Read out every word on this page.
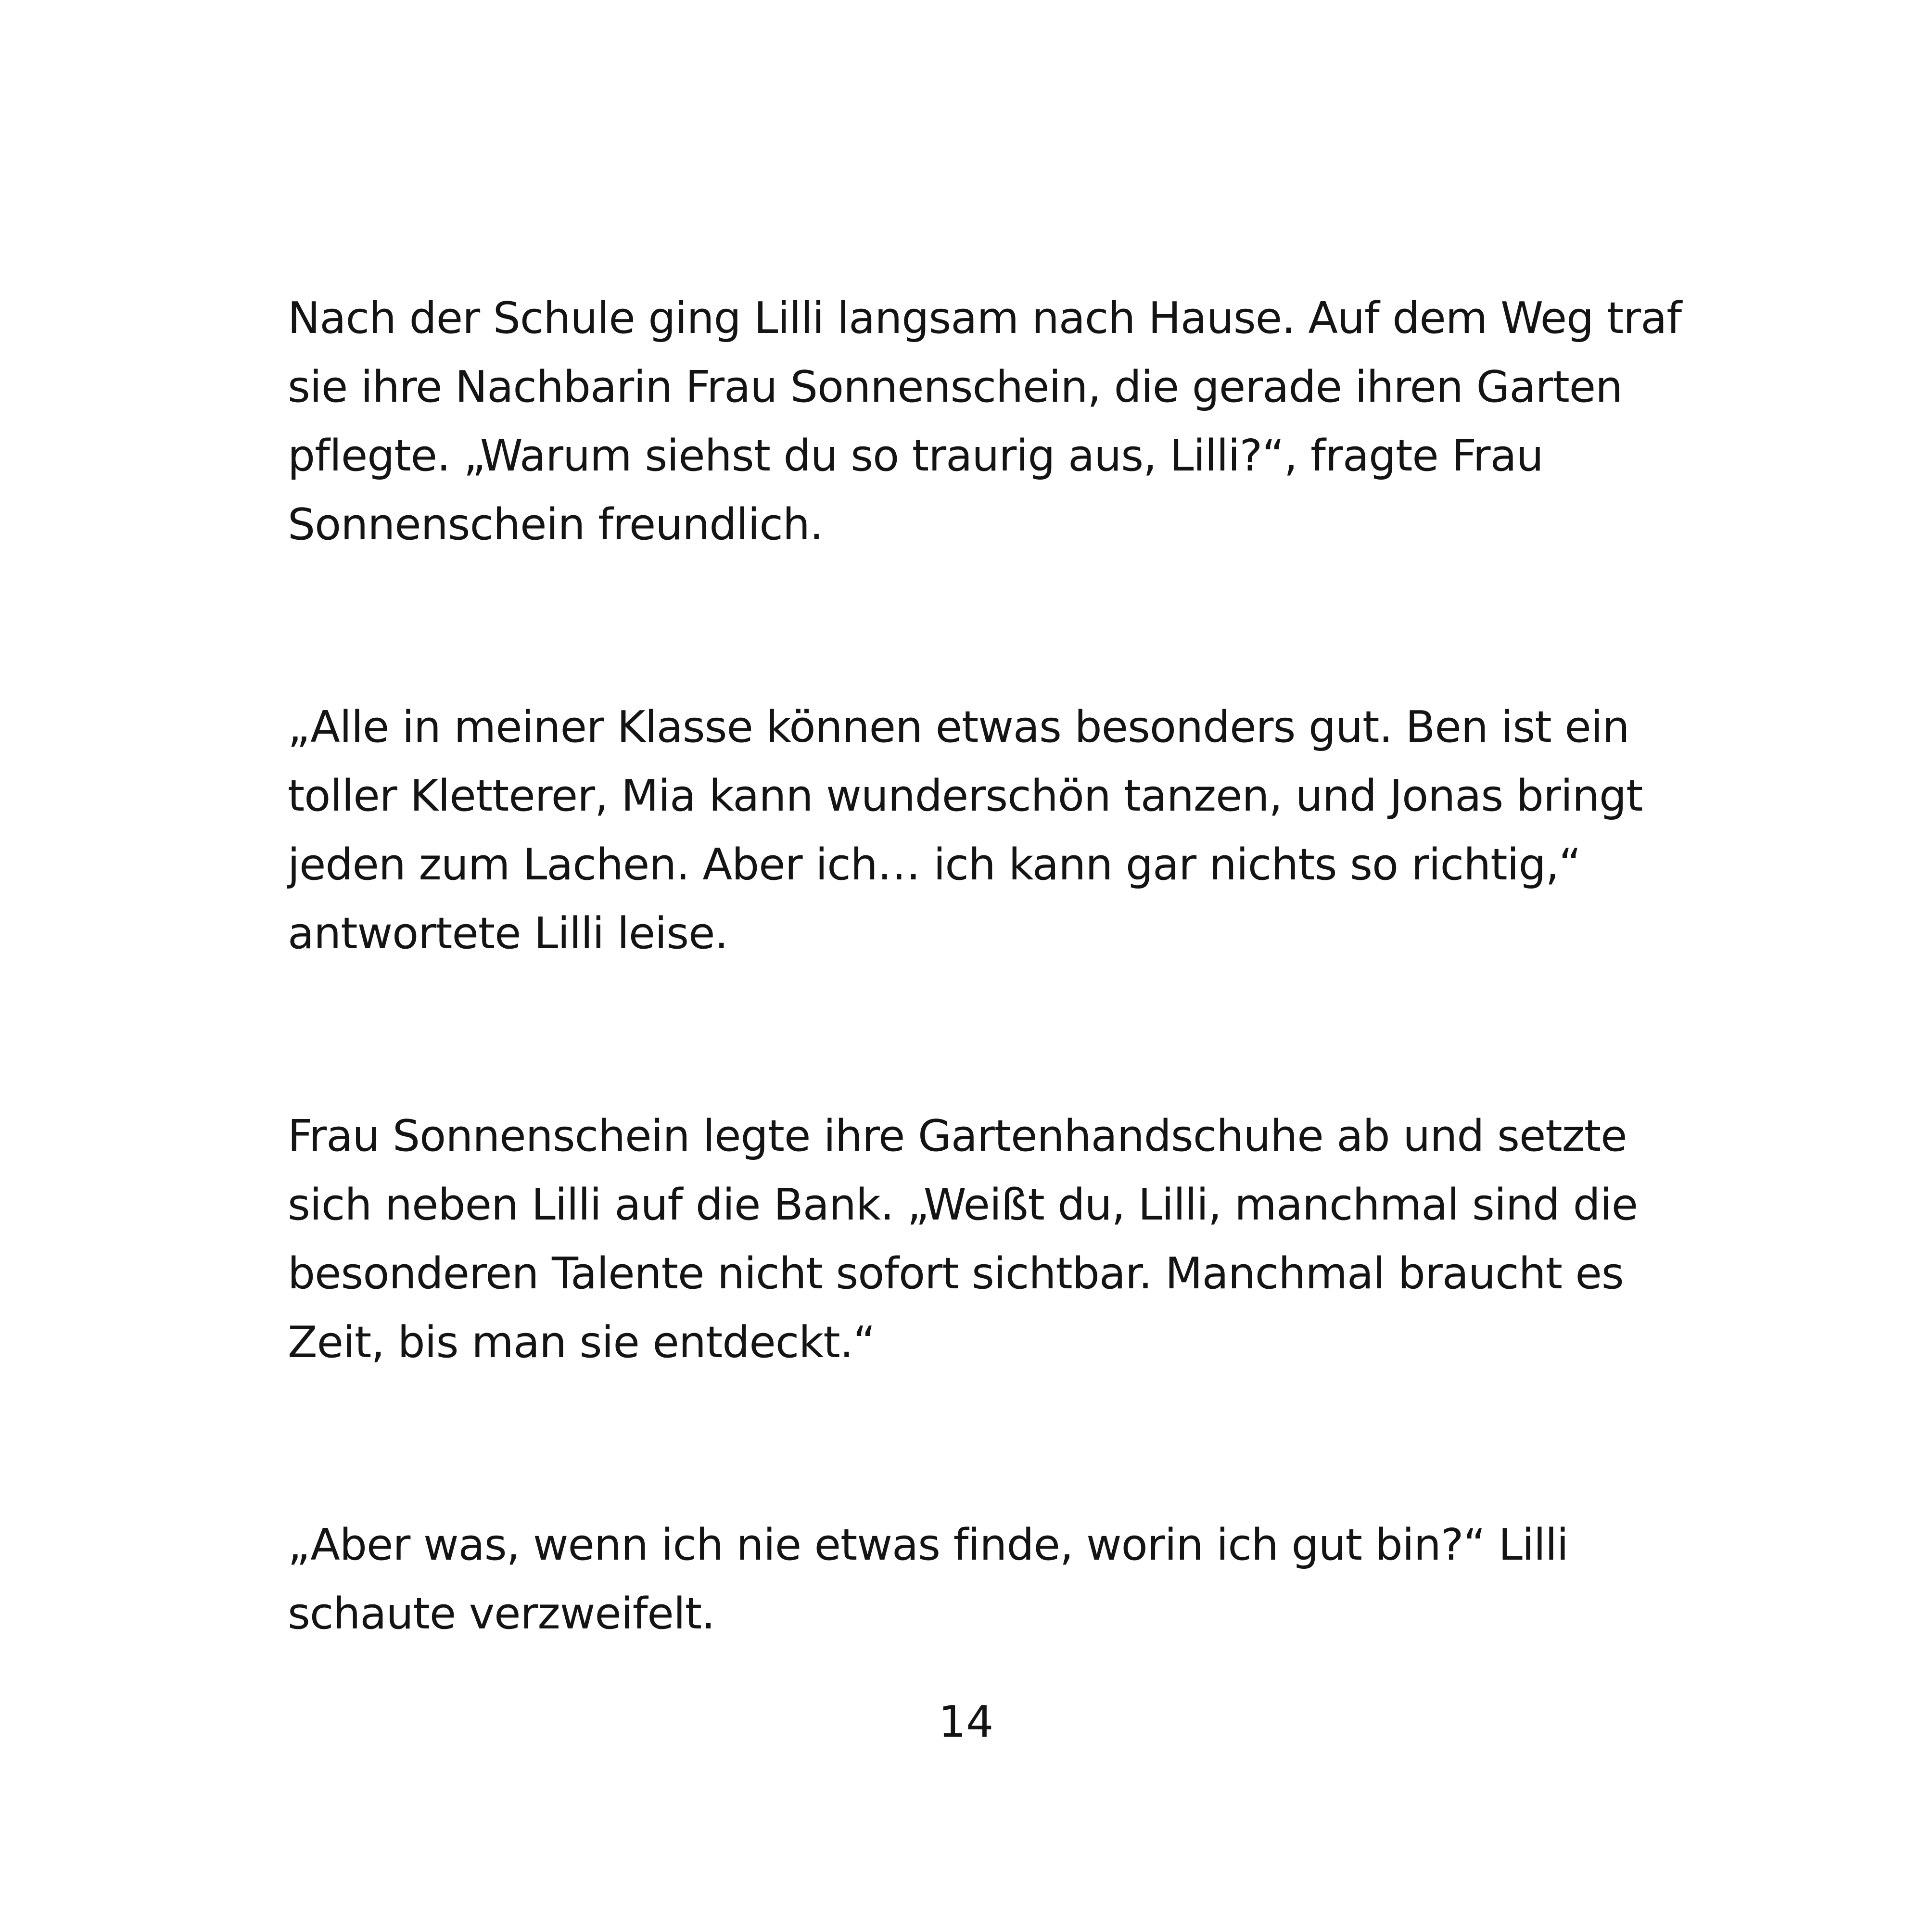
Nach der Schule ging Lilli langsam nach Hause. Auf dem Weg traf
sie ihre Nachbarin Frau Sonnenschein, die gerade ihren Garten
pflegte. „Warum siehst du so traurig aus, Lilli?“, fragte Frau
Sonnenschein freundlich.

„Alle in meiner Klasse können etwas besonders gut. Ben ist ein
toller Kletterer, Mia kann wunderschön tanzen, und Jonas bringt
jeden zum Lachen. Aber ich… ich kann gar nichts so richtig,“
antwortete Lilli leise.

Frau Sonnenschein legte ihre Gartenhandschuhe ab und setzte
sich neben Lilli auf die Bank. „Weißt du, Lilli, manchmal sind die
besonderen Talente nicht sofort sichtbar. Manchmal braucht es
Zeit, bis man sie entdeckt.“

„Aber was, wenn ich nie etwas finde, worin ich gut bin?“ Lilli
schaute verzweifelt.

14
